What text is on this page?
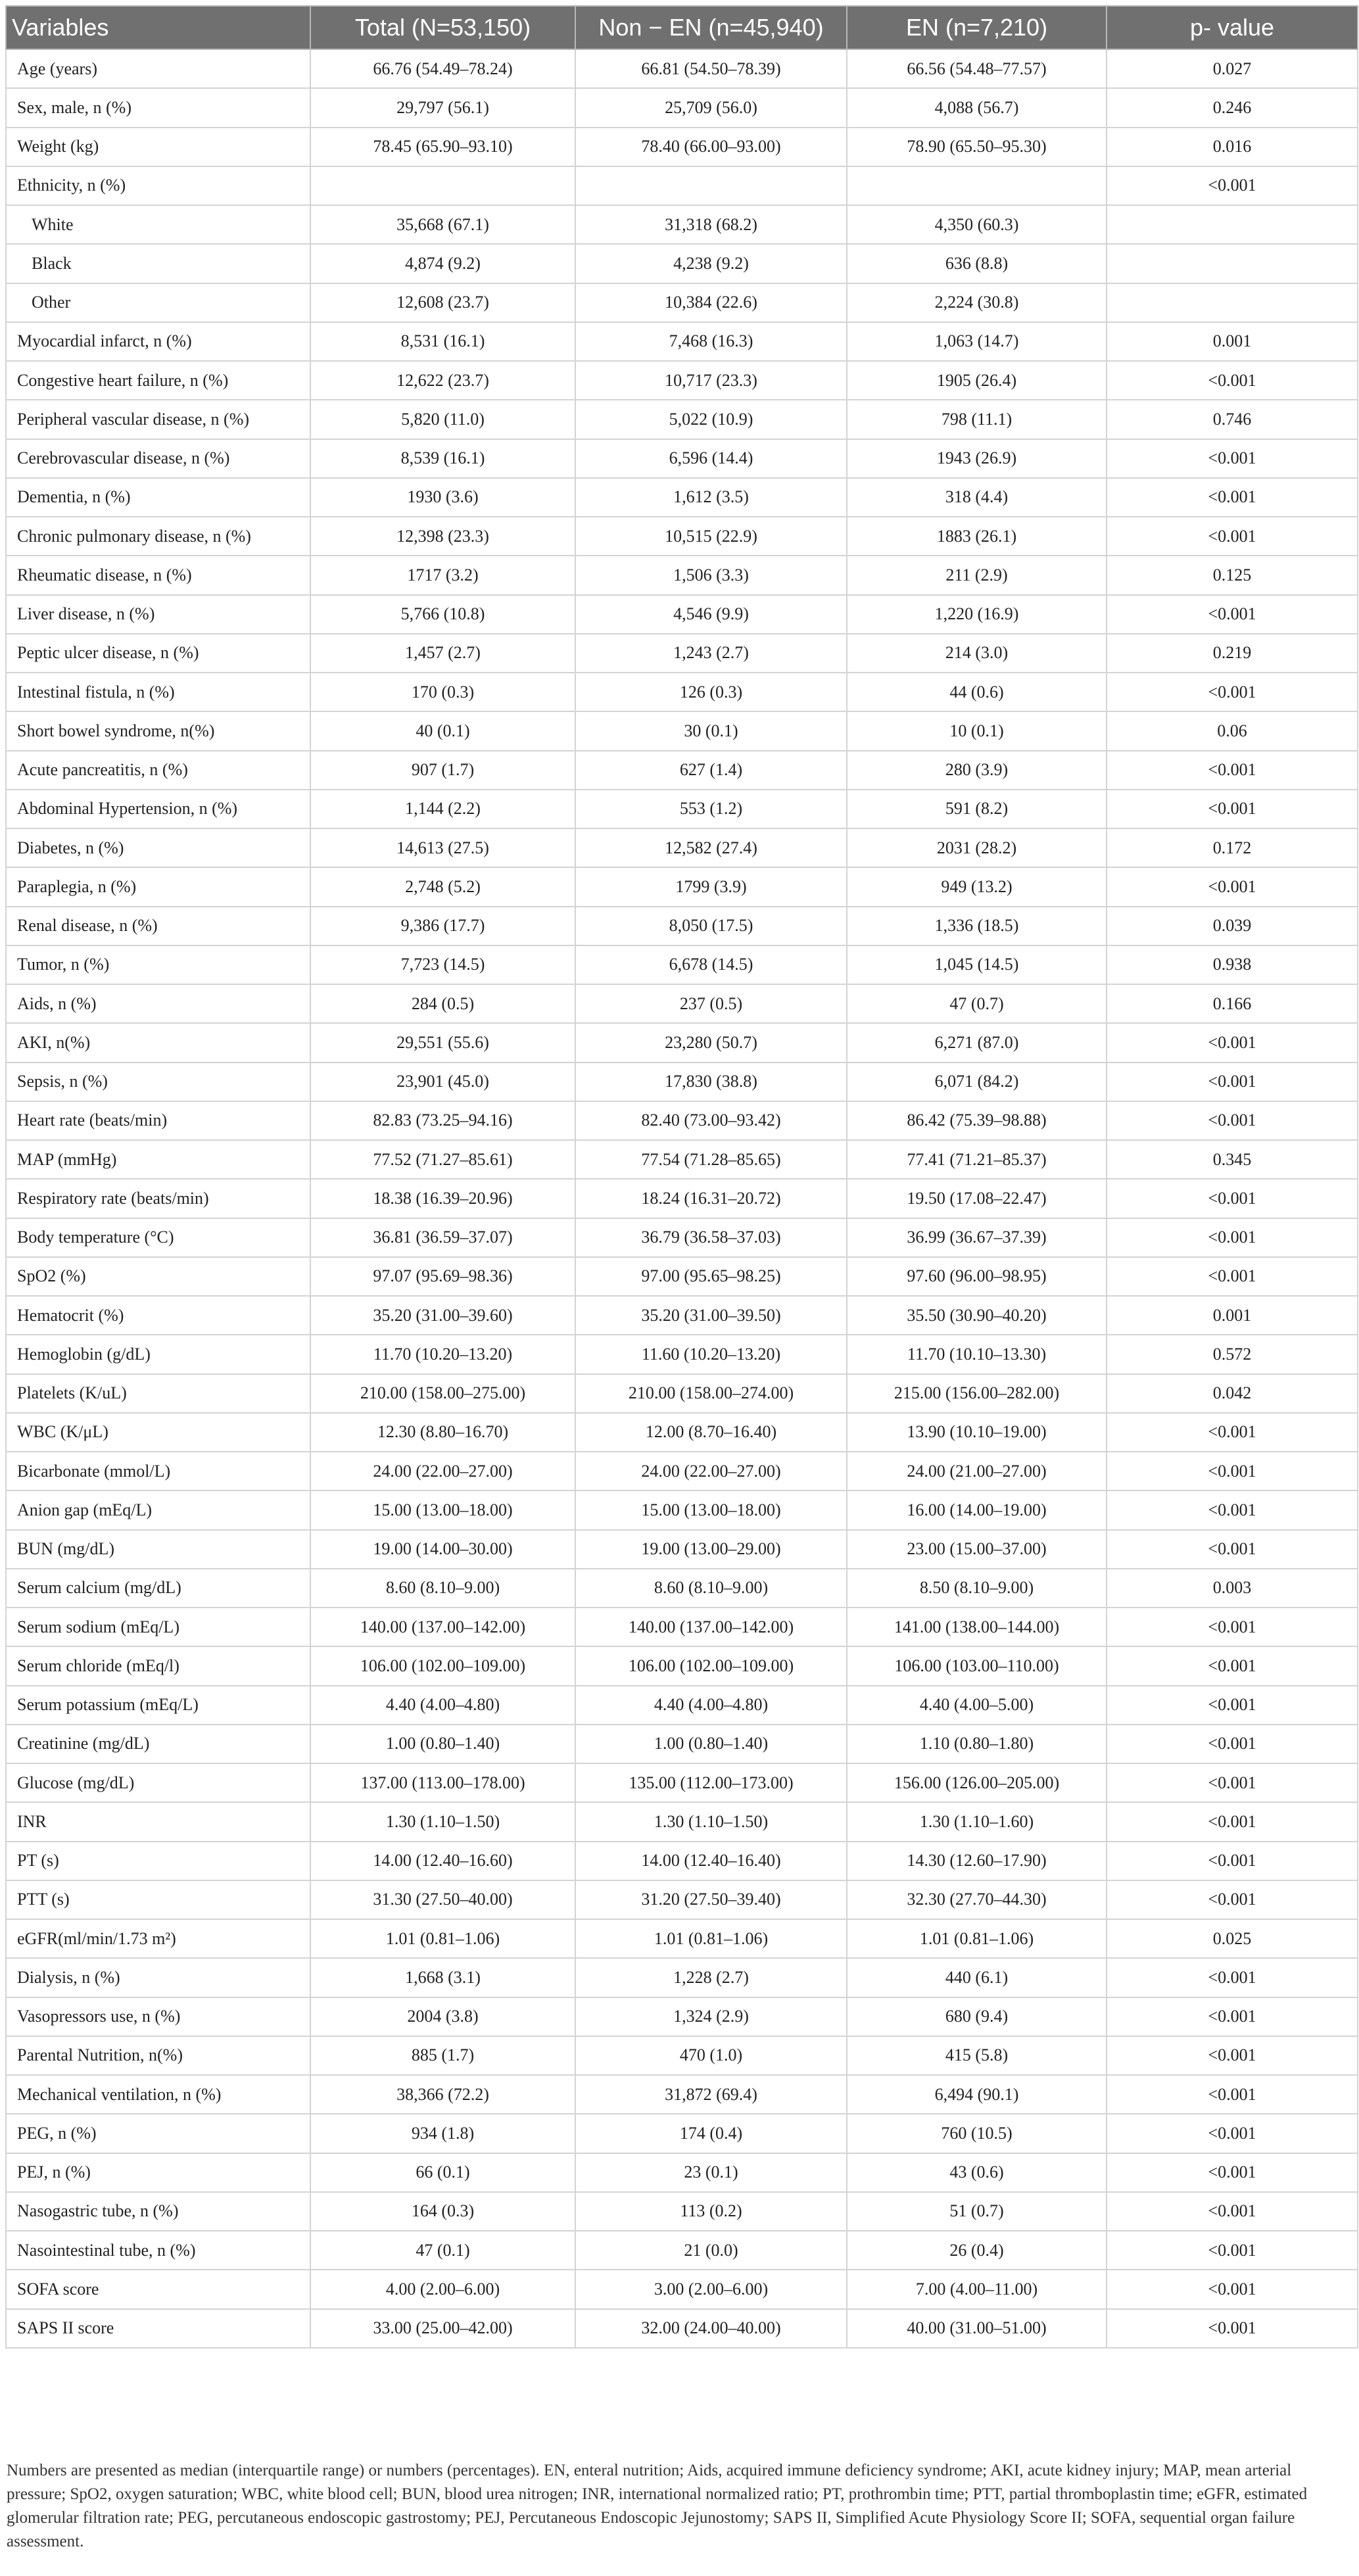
Variables	Total (N=53,150)	Non − EN (n=45,940)	EN (n=7,210)	p- value
Age (years)	66.76 (54.49–78.24)	66.81 (54.50–78.39)	66.56 (54.48–77.57)	0.027
Sex, male, n (%)	29,797 (56.1)	25,709 (56.0)	4,088 (56.7)	0.246
Weight (kg)	78.45 (65.90–93.10)	78.40 (66.00–93.00)	78.90 (65.50–95.30)	0.016
Ethnicity, n (%)				<0.001
White	35,668 (67.1)	31,318 (68.2)	4,350 (60.3)	
Black	4,874 (9.2)	4,238 (9.2)	636 (8.8)	
Other	12,608 (23.7)	10,384 (22.6)	2,224 (30.8)	
Myocardial infarct, n (%)	8,531 (16.1)	7,468 (16.3)	1,063 (14.7)	0.001
Congestive heart failure, n (%)	12,622 (23.7)	10,717 (23.3)	1905 (26.4)	<0.001
Peripheral vascular disease, n (%)	5,820 (11.0)	5,022 (10.9)	798 (11.1)	0.746
Cerebrovascular disease, n (%)	8,539 (16.1)	6,596 (14.4)	1943 (26.9)	<0.001
Dementia, n (%)	1930 (3.6)	1,612 (3.5)	318 (4.4)	<0.001
Chronic pulmonary disease, n (%)	12,398 (23.3)	10,515 (22.9)	1883 (26.1)	<0.001
Rheumatic disease, n (%)	1717 (3.2)	1,506 (3.3)	211 (2.9)	0.125
Liver disease, n (%)	5,766 (10.8)	4,546 (9.9)	1,220 (16.9)	<0.001
Peptic ulcer disease, n (%)	1,457 (2.7)	1,243 (2.7)	214 (3.0)	0.219
Intestinal fistula, n (%)	170 (0.3)	126 (0.3)	44 (0.6)	<0.001
Short bowel syndrome, n(%)	40 (0.1)	30 (0.1)	10 (0.1)	0.06
Acute pancreatitis, n (%)	907 (1.7)	627 (1.4)	280 (3.9)	<0.001
Abdominal Hypertension, n (%)	1,144 (2.2)	553 (1.2)	591 (8.2)	<0.001
Diabetes, n (%)	14,613 (27.5)	12,582 (27.4)	2031 (28.2)	0.172
Paraplegia, n (%)	2,748 (5.2)	1799 (3.9)	949 (13.2)	<0.001
Renal disease, n (%)	9,386 (17.7)	8,050 (17.5)	1,336 (18.5)	0.039
Tumor, n (%)	7,723 (14.5)	6,678 (14.5)	1,045 (14.5)	0.938
Aids, n (%)	284 (0.5)	237 (0.5)	47 (0.7)	0.166
AKI, n(%)	29,551 (55.6)	23,280 (50.7)	6,271 (87.0)	<0.001
Sepsis, n (%)	23,901 (45.0)	17,830 (38.8)	6,071 (84.2)	<0.001
Heart rate (beats/min)	82.83 (73.25–94.16)	82.40 (73.00–93.42)	86.42 (75.39–98.88)	<0.001
MAP (mmHg)	77.52 (71.27–85.61)	77.54 (71.28–85.65)	77.41 (71.21–85.37)	0.345
Respiratory rate (beats/min)	18.38 (16.39–20.96)	18.24 (16.31–20.72)	19.50 (17.08–22.47)	<0.001
Body temperature (°C)	36.81 (36.59–37.07)	36.79 (36.58–37.03)	36.99 (36.67–37.39)	<0.001
SpO2 (%)	97.07 (95.69–98.36)	97.00 (95.65–98.25)	97.60 (96.00–98.95)	<0.001
Hematocrit (%)	35.20 (31.00–39.60)	35.20 (31.00–39.50)	35.50 (30.90–40.20)	0.001
Hemoglobin (g/dL)	11.70 (10.20–13.20)	11.60 (10.20–13.20)	11.70 (10.10–13.30)	0.572
Platelets (K/uL)	210.00 (158.00–275.00)	210.00 (158.00–274.00)	215.00 (156.00–282.00)	0.042
WBC (K/μL)	12.30 (8.80–16.70)	12.00 (8.70–16.40)	13.90 (10.10–19.00)	<0.001
Bicarbonate (mmol/L)	24.00 (22.00–27.00)	24.00 (22.00–27.00)	24.00 (21.00–27.00)	<0.001
Anion gap (mEq/L)	15.00 (13.00–18.00)	15.00 (13.00–18.00)	16.00 (14.00–19.00)	<0.001
BUN (mg/dL)	19.00 (14.00–30.00)	19.00 (13.00–29.00)	23.00 (15.00–37.00)	<0.001
Serum calcium (mg/dL)	8.60 (8.10–9.00)	8.60 (8.10–9.00)	8.50 (8.10–9.00)	0.003
Serum sodium (mEq/L)	140.00 (137.00–142.00)	140.00 (137.00–142.00)	141.00 (138.00–144.00)	<0.001
Serum chloride (mEq/l)	106.00 (102.00–109.00)	106.00 (102.00–109.00)	106.00 (103.00–110.00)	<0.001
Serum potassium (mEq/L)	4.40 (4.00–4.80)	4.40 (4.00–4.80)	4.40 (4.00–5.00)	<0.001
Creatinine (mg/dL)	1.00 (0.80–1.40)	1.00 (0.80–1.40)	1.10 (0.80–1.80)	<0.001
Glucose (mg/dL)	137.00 (113.00–178.00)	135.00 (112.00–173.00)	156.00 (126.00–205.00)	<0.001
INR	1.30 (1.10–1.50)	1.30 (1.10–1.50)	1.30 (1.10–1.60)	<0.001
PT (s)	14.00 (12.40–16.60)	14.00 (12.40–16.40)	14.30 (12.60–17.90)	<0.001
PTT (s)	31.30 (27.50–40.00)	31.20 (27.50–39.40)	32.30 (27.70–44.30)	<0.001
eGFR(ml/min/1.73 m²)	1.01 (0.81–1.06)	1.01 (0.81–1.06)	1.01 (0.81–1.06)	0.025
Dialysis, n (%)	1,668 (3.1)	1,228 (2.7)	440 (6.1)	<0.001
Vasopressors use, n (%)	2004 (3.8)	1,324 (2.9)	680 (9.4)	<0.001
Parental Nutrition, n(%)	885 (1.7)	470 (1.0)	415 (5.8)	<0.001
Mechanical ventilation, n (%)	38,366 (72.2)	31,872 (69.4)	6,494 (90.1)	<0.001
PEG, n (%)	934 (1.8)	174 (0.4)	760 (10.5)	<0.001
PEJ, n (%)	66 (0.1)	23 (0.1)	43 (0.6)	<0.001
Nasogastric tube, n (%)	164 (0.3)	113 (0.2)	51 (0.7)	<0.001
Nasointestinal tube, n (%)	47 (0.1)	21 (0.0)	26 (0.4)	<0.001
SOFA score	4.00 (2.00–6.00)	3.00 (2.00–6.00)	7.00 (4.00–11.00)	<0.001
SAPS II score	33.00 (25.00–42.00)	32.00 (24.00–40.00)	40.00 (31.00–51.00)	<0.001

Numbers are presented as median (interquartile range) or numbers (percentages). EN, enteral nutrition; Aids, acquired immune deficiency syndrome; AKI, acute kidney injury; MAP, mean arterial pressure; SpO2, oxygen saturation; WBC, white blood cell; BUN, blood urea nitrogen; INR, international normalized ratio; PT, prothrombin time; PTT, partial thromboplastin time; eGFR, estimated glomerular filtration rate; PEG, percutaneous endoscopic gastrostomy; PEJ, Percutaneous Endoscopic Jejunostomy; SAPS II, Simplified Acute Physiology Score II; SOFA, sequential organ failure assessment.
